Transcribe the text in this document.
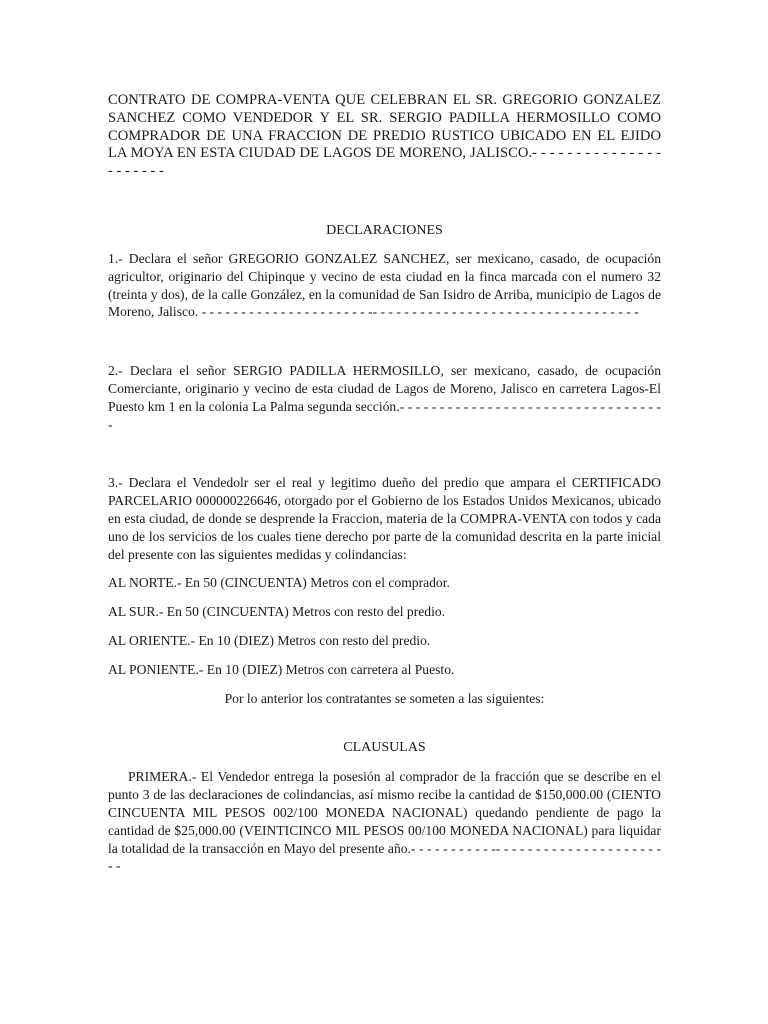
CONTRATO DE COMPRA-VENTA QUE CELEBRAN EL SR. GREGORIO GONZALEZ SANCHEZ COMO VENDEDOR Y EL SR. SERGIO PADILLA HERMOSILLO COMO COMPRADOR DE UNA FRACCION DE PREDIO RUSTICO UBICADO EN EL EJIDO LA MOYA EN ESTA CIUDAD DE LAGOS DE MORENO, JALISCO.- - - - - - - - - - - - - - - - - - - - - -

DECLARACIONES

1.- Declara el señor GREGORIO GONZALEZ SANCHEZ, ser mexicano, casado, de ocupación agricultor, originario del Chipinque y vecino de esta ciudad en la finca marcada con el numero 32 (treinta y dos), de la calle González, en la comunidad de San Isidro de Arriba, municipio de Lagos de Moreno, Jalisco. - - - - - - - - - - - - - - - - - - - - - -- - - - - - - - - - - - - - - - - - - - - - - - - - - - - - - - - -

2.- Declara el señor SERGIO PADILLA HERMOSILLO, ser mexicano, casado, de ocupación Comerciante, originario y vecino de esta ciudad de Lagos de Moreno, Jalisco en carretera Lagos-El Puesto km 1 en la colonia La Palma segunda sección.- - - - - - - - - - - - - - - - - - - - - - - - - - - - - - - - - -

3.- Declara el Vendedolr ser el real y legitimo dueño del predio que ampara el CERTIFICADO PARCELARIO 000000226646, otorgado por el Gobierno de los Estados Unidos Mexicanos, ubicado en esta ciudad, de donde se desprende la Fraccion, materia de la COMPRA-VENTA con todos y cada uno de los servicios de los cuales tiene derecho por parte de la comunidad descrita en la parte inicial del presente con las siguientes medidas y colindancias:

AL NORTE.- En 50 (CINCUENTA) Metros con el comprador.

AL SUR.- En 50 (CINCUENTA) Metros con resto del predio.

AL ORIENTE.- En 10 (DIEZ) Metros con resto del predio.

AL PONIENTE.- En 10 (DIEZ) Metros con carretera al Puesto.

Por lo anterior los contratantes se someten a las siguientes:

CLAUSULAS

PRIMERA.- El Vendedor entrega la posesión al comprador de la fracción que se describe en el punto 3 de las declaraciones de colindancias, así mismo recibe la cantidad de $150,000.00 (CIENTO CINCUENTA MIL PESOS 002/100 MONEDA NACIONAL) quedando pendiente de pago la cantidad de $25,000.00 (VEINTICINCO MIL PESOS 00/100 MONEDA NACIONAL) para liquidar la totalidad de la transacción en Mayo del presente año.- - - - - - - - - - -- - - - - - - - - - - - - - - - - - - - - - -
